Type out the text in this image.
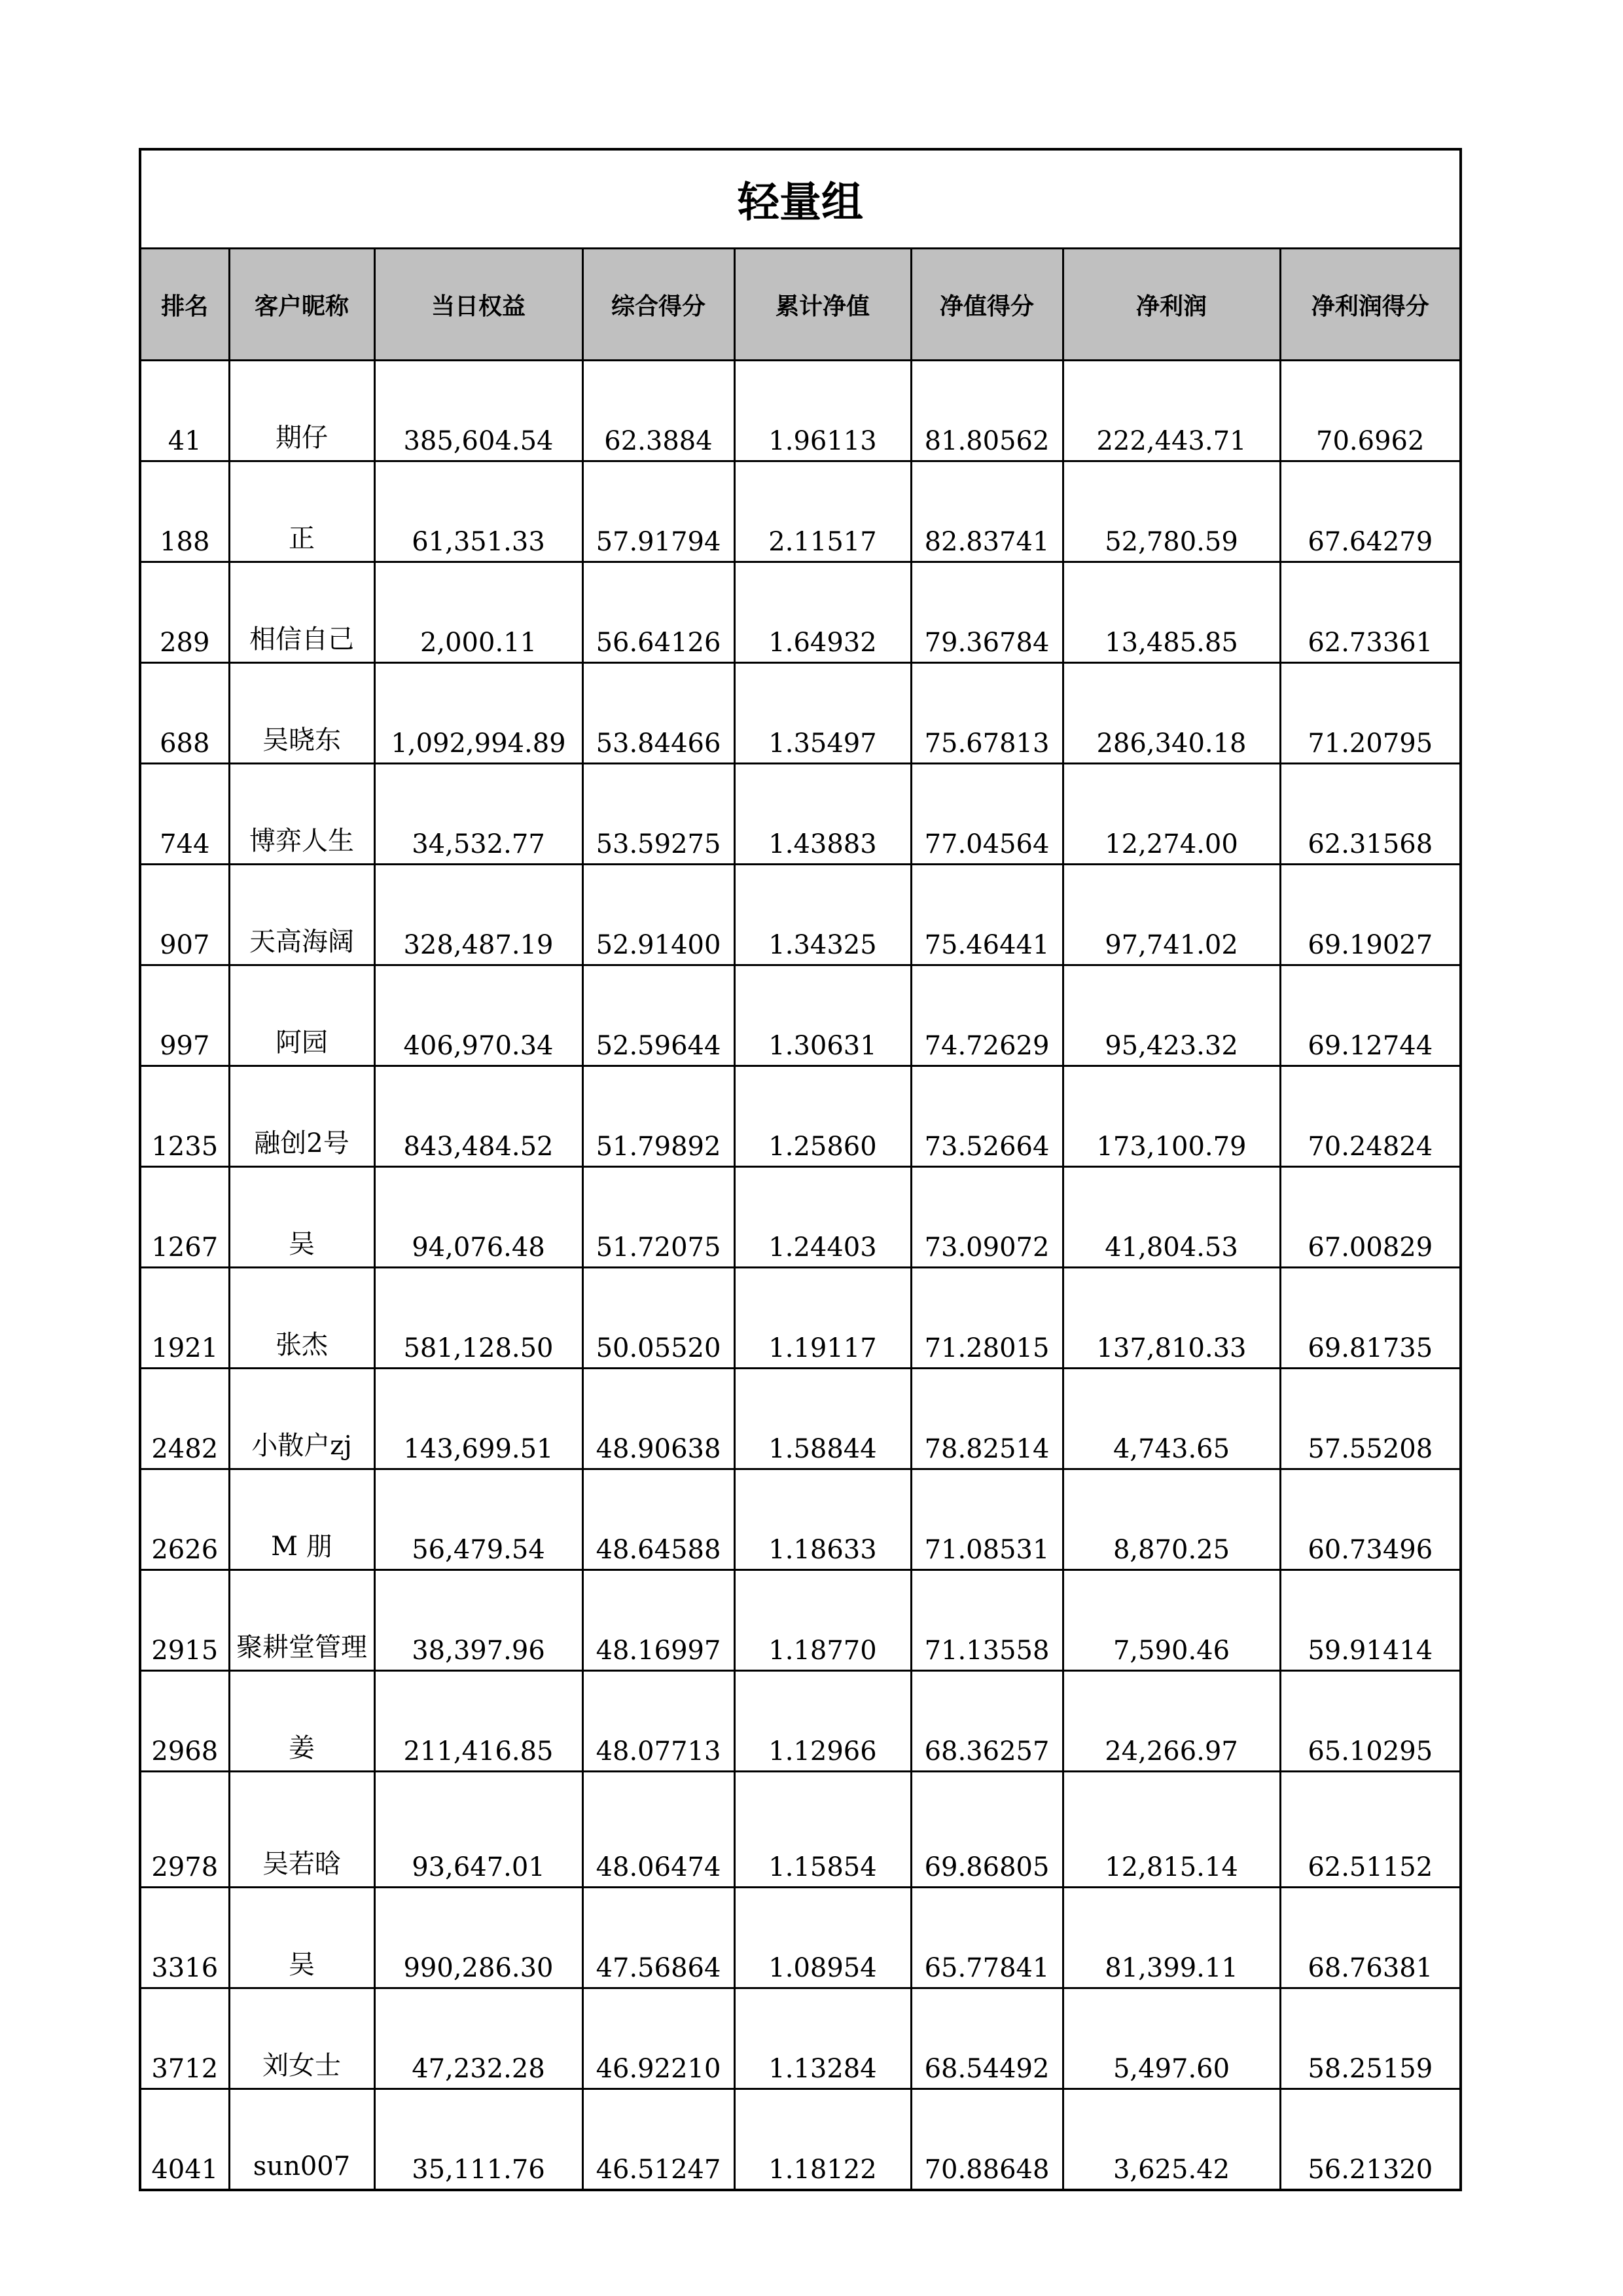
轻量组							
排名	客户昵称	当日权益	综合得分	累计净值	净值得分	净利润	净利润得分
41	期仔	385,604.54	62.3884	1.96113	81.80562	222,443.71	70.6962
188	正	61,351.33	57.91794	2.11517	82.83741	52,780.59	67.64279
289	相信自己	2,000.11	56.64126	1.64932	79.36784	13,485.85	62.73361
688	吴晓东	1,092,994.89	53.84466	1.35497	75.67813	286,340.18	71.20795
744	博弈人生	34,532.77	53.59275	1.43883	77.04564	12,274.00	62.31568
907	天高海阔	328,487.19	52.91400	1.34325	75.46441	97,741.02	69.19027
997	阿园	406,970.34	52.59644	1.30631	74.72629	95,423.32	69.12744
1235	融创2号	843,484.52	51.79892	1.25860	73.52664	173,100.79	70.24824
1267	吴	94,076.48	51.72075	1.24403	73.09072	41,804.53	67.00829
1921	张杰	581,128.50	50.05520	1.19117	71.28015	137,810.33	69.81735
2482	小散户zj	143,699.51	48.90638	1.58844	78.82514	4,743.65	57.55208
2626	M 朋	56,479.54	48.64588	1.18633	71.08531	8,870.25	60.73496
2915	聚耕堂管理	38,397.96	48.16997	1.18770	71.13558	7,590.46	59.91414
2968	姜	211,416.85	48.07713	1.12966	68.36257	24,266.97	65.10295
2978	吴若晗	93,647.01	48.06474	1.15854	69.86805	12,815.14	62.51152
3316	吴	990,286.30	47.56864	1.08954	65.77841	81,399.11	68.76381
3712	刘女士	47,232.28	46.92210	1.13284	68.54492	5,497.60	58.25159
4041	sun007	35,111.76	46.51247	1.18122	70.88648	3,625.42	56.21320
